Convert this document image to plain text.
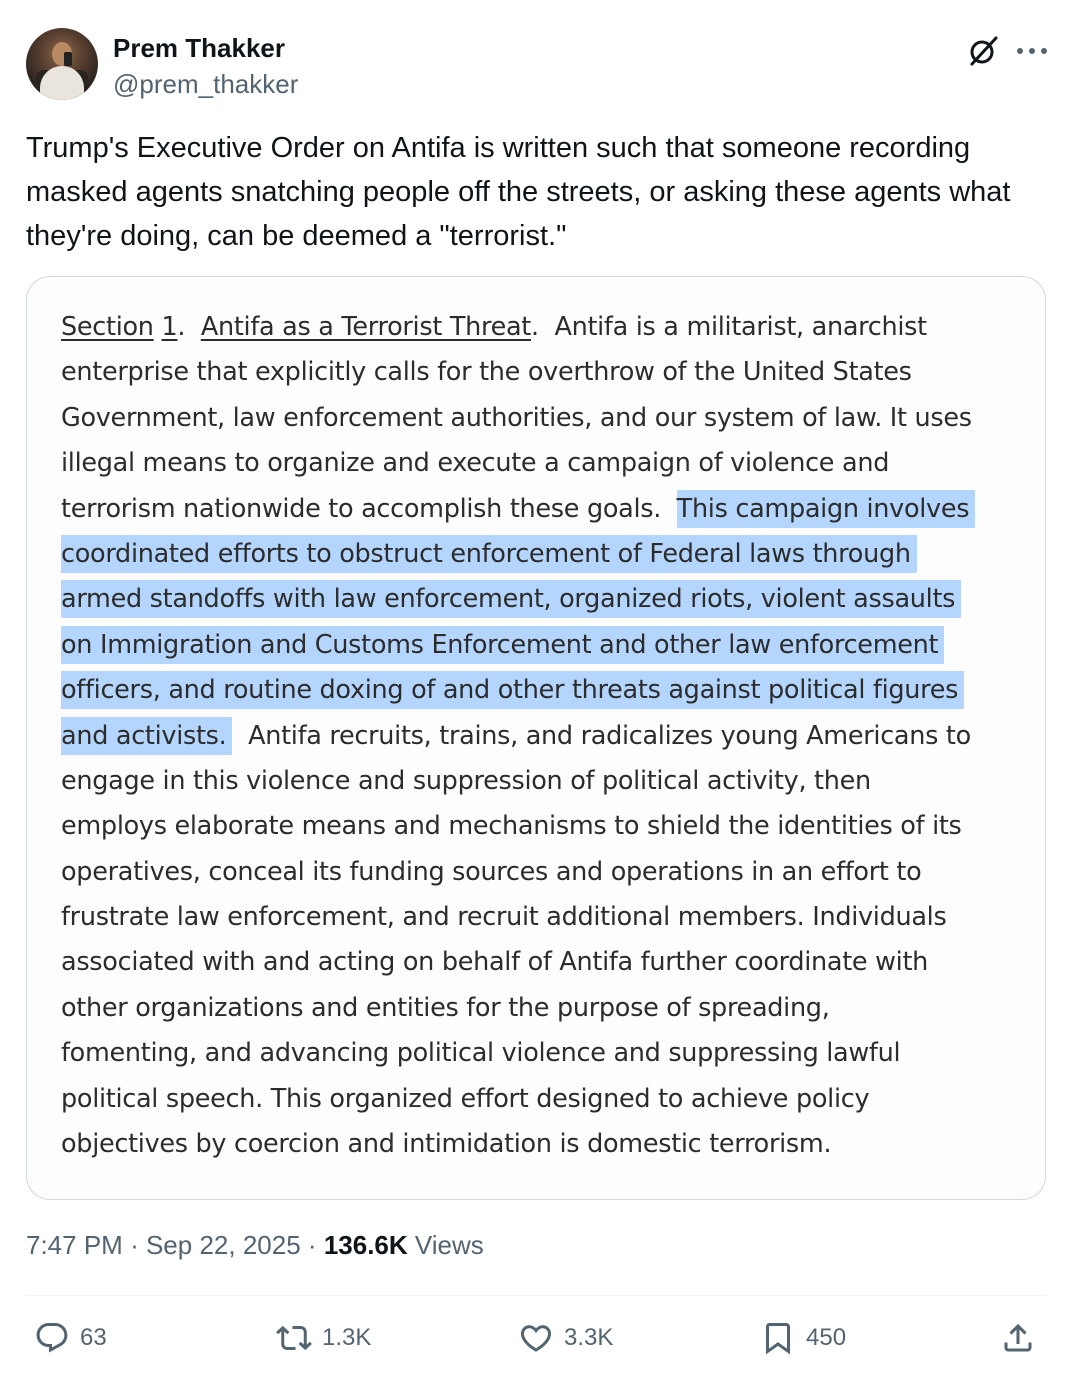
Prem Thakker
@prem_thakker
Trump's Executive Order on Antifa is written such that someone recording masked agents snatching people off the streets, or asking these agents what they're doing, can be deemed a "terrorist."
Section 1.  Antifa as a Terrorist Threat.  Antifa is a militarist, anarchist
enterprise that explicitly calls for the overthrow of the United States
Government, law enforcement authorities, and our system of law. It uses
illegal means to organize and execute a campaign of violence and
terrorism nationwide to accomplish these goals. This campaign involves
coordinated efforts to obstruct enforcement of Federal laws through
armed standoffs with law enforcement, organized riots, violent assaults
on Immigration and Customs Enforcement and other law enforcement
officers, and routine doxing of and other threats against political figures
and activists. Antifa recruits, trains, and radicalizes young Americans to
engage in this violence and suppression of political activity, then
employs elaborate means and mechanisms to shield the identities of its
operatives, conceal its funding sources and operations in an effort to
frustrate law enforcement, and recruit additional members. Individuals
associated with and acting on behalf of Antifa further coordinate with
other organizations and entities for the purpose of spreading,
fomenting, and advancing political violence and suppressing lawful
political speech. This organized effort designed to achieve policy
objectives by coercion and intimidation is domestic terrorism.
7:47 PM · Sep 22, 2025 · 136.6K Views
63	1.3K	3.3K	450
